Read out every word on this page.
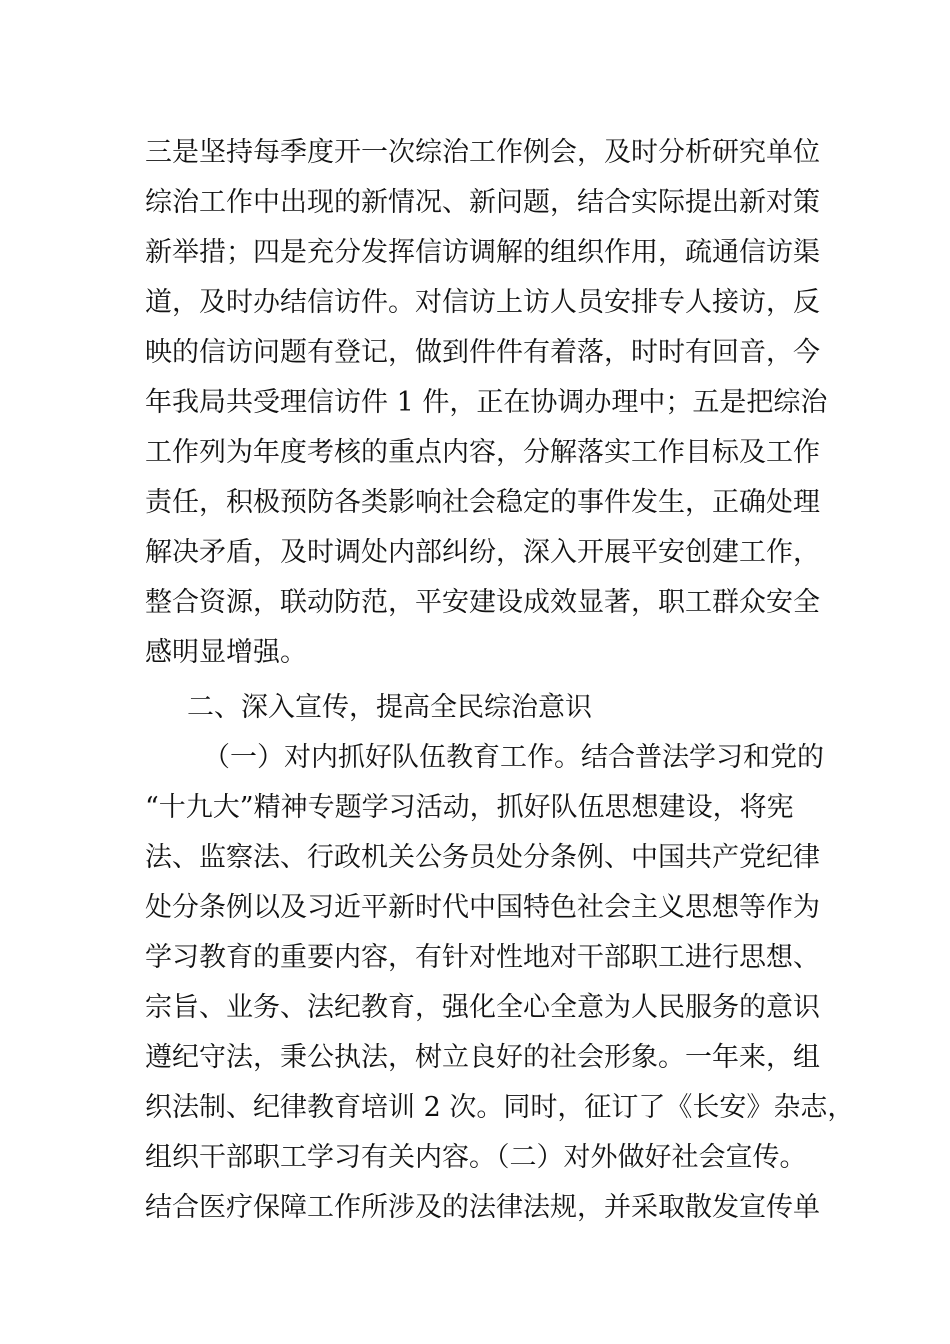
三是坚持每季度开一次综治工作例会，及时分析研究单位
综治工作中出现的新情况、新问题，结合实际提出新对策
新举措；四是充分发挥信访调解的组织作用，疏通信访渠
道，及时办结信访件。对信访上访人员安排专人接访，反
映的信访问题有登记，做到件件有着落，时时有回音，今
年我局共受理信访件 1 件，正在协调办理中；五是把综治
工作列为年度考核的重点内容，分解落实工作目标及工作
责任，积极预防各类影响社会稳定的事件发生，正确处理
解决矛盾，及时调处内部纠纷，深入开展平安创建工作，
整合资源，联动防范，平安建设成效显著，职工群众安全
感明显增强。
二、深入宣传，提高全民综治意识
（一）对内抓好队伍教育工作。结合普法学习和党的
“十九大”精神专题学习活动，抓好队伍思想建设，将宪
法、监察法、行政机关公务员处分条例、中国共产党纪律
处分条例以及习近平新时代中国特色社会主义思想等作为
学习教育的重要内容，有针对性地对干部职工进行思想、
宗旨、业务、法纪教育，强化全心全意为人民服务的意识
遵纪守法，秉公执法，树立良好的社会形象。一年来，组
织法制、纪律教育培训 2 次。同时，征订了《长安》杂志，
组织干部职工学习有关内容。（二）对外做好社会宣传。
结合医疗保障工作所涉及的法律法规，并采取散发宣传单
